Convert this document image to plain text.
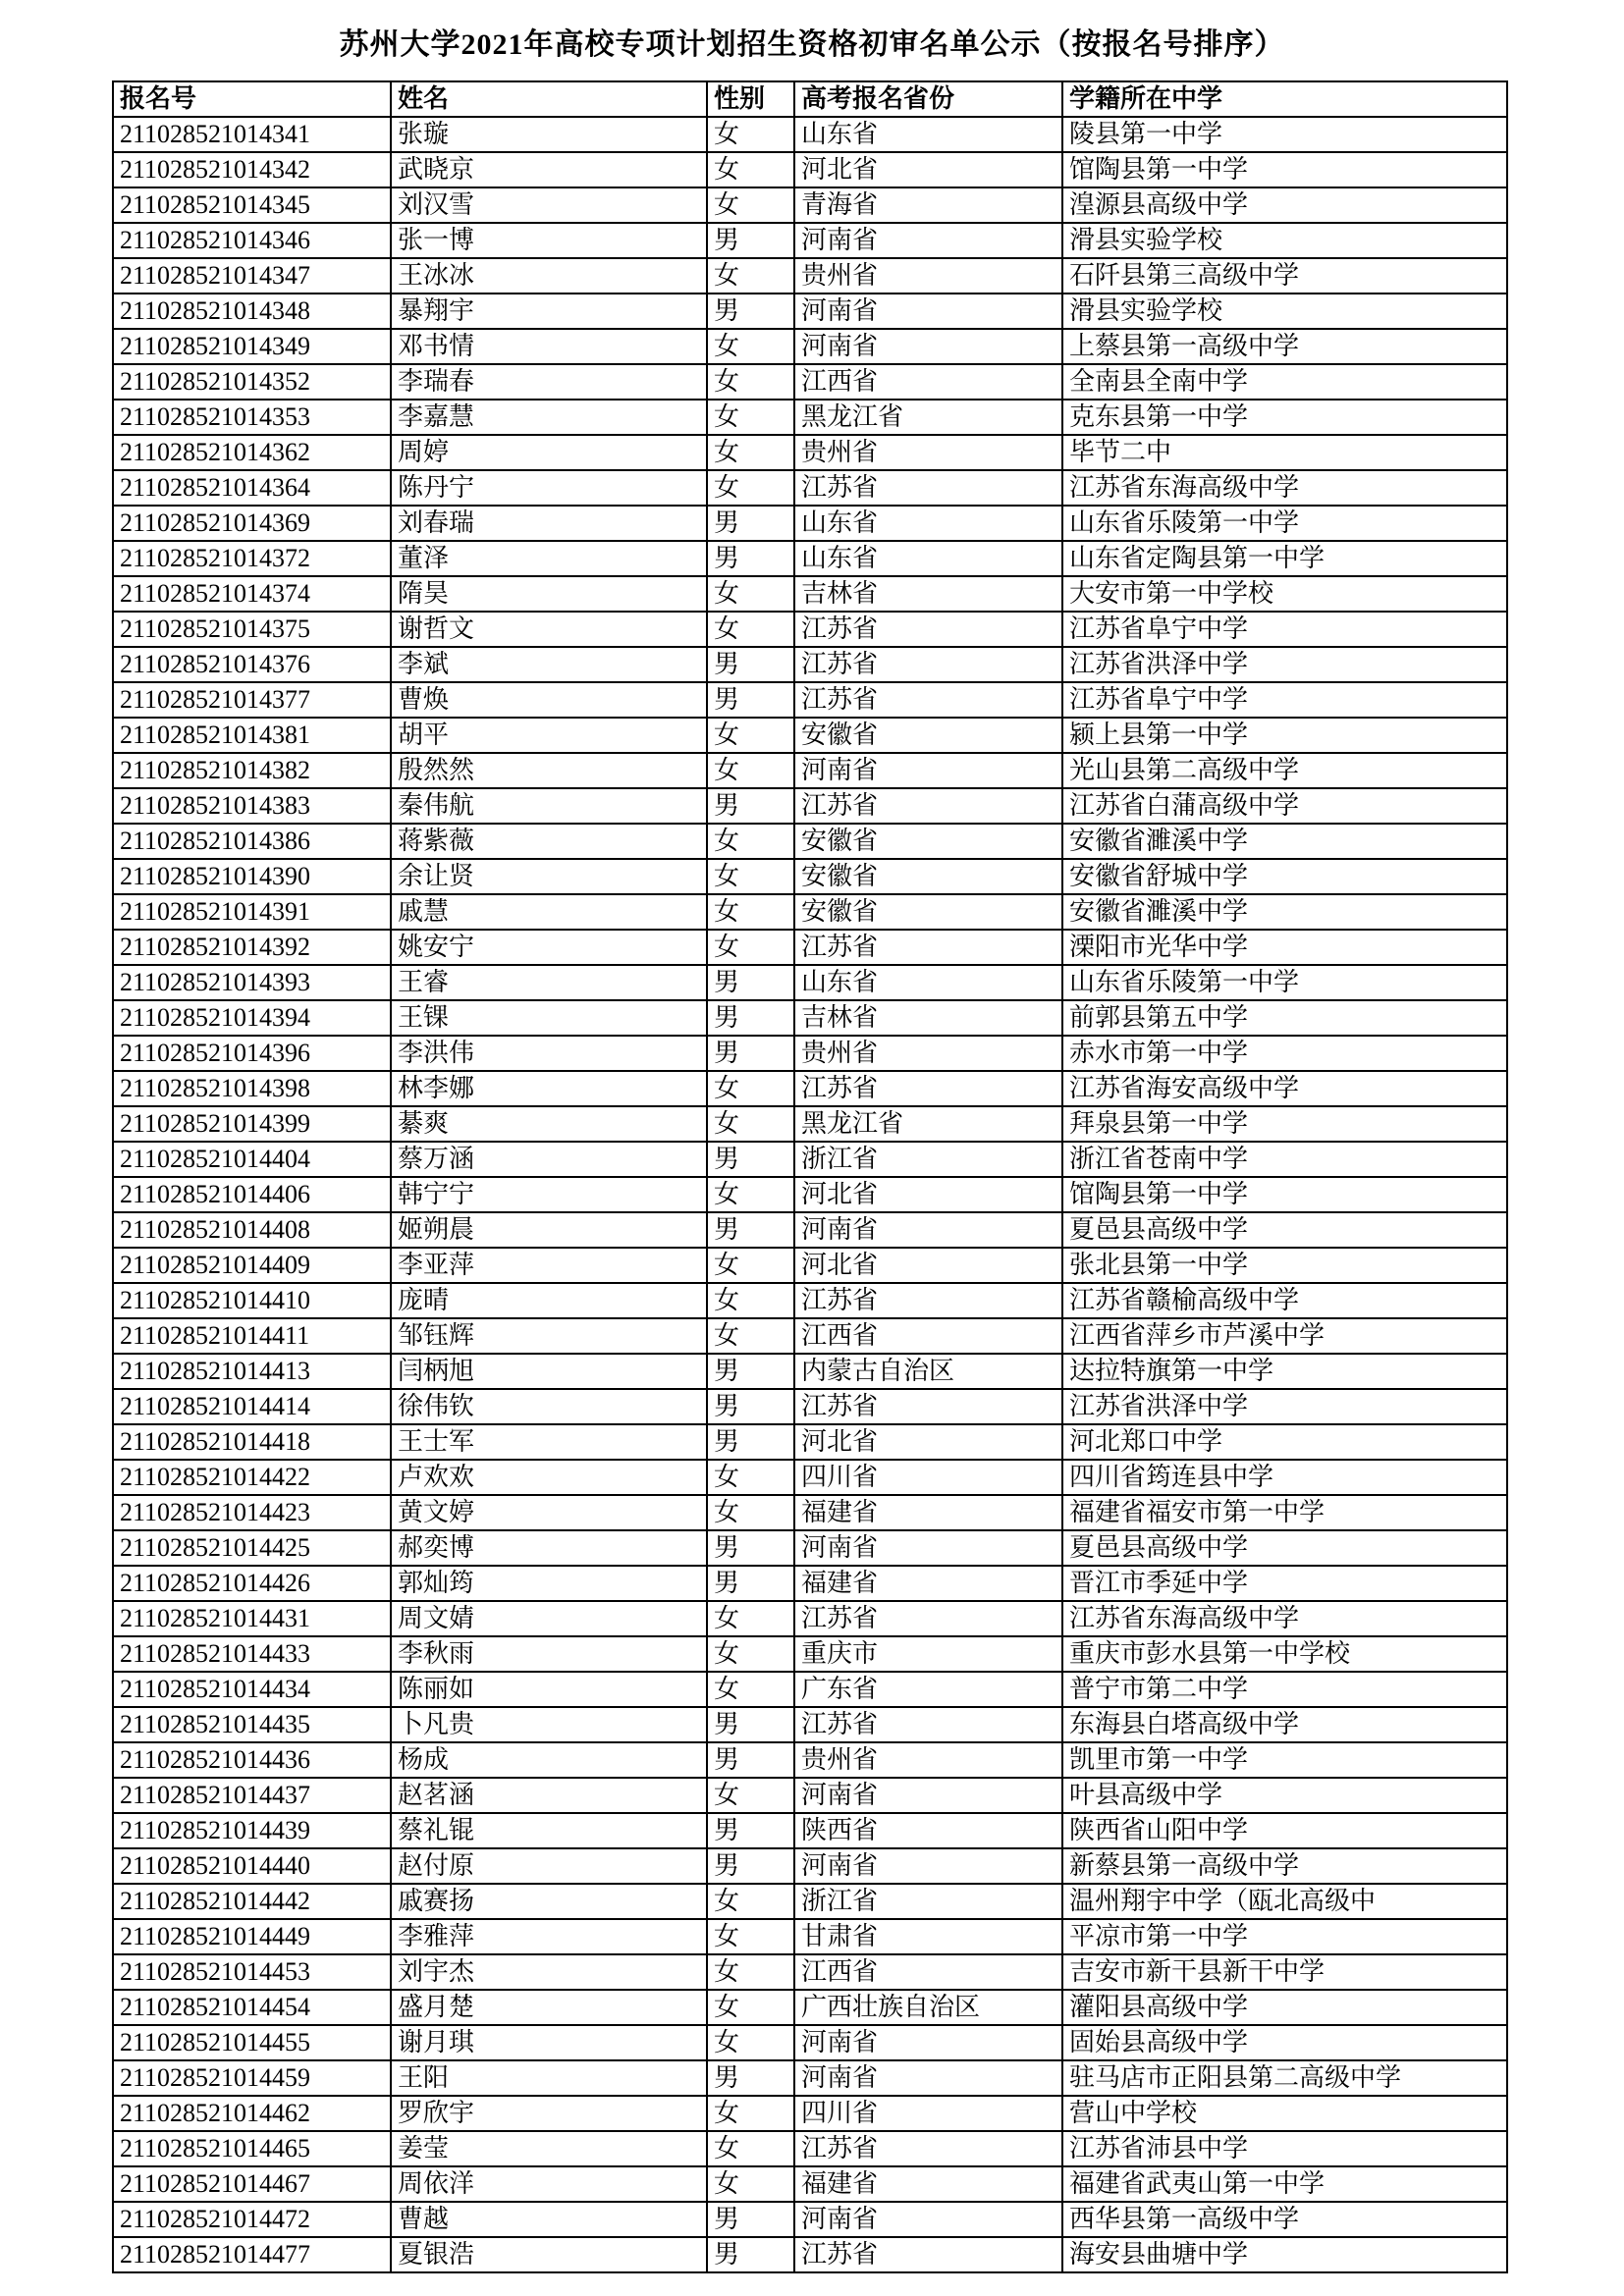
苏州大学2021年高校专项计划招生资格初审名单公示（按报名号排序）
报名号	姓名	性别	高考报名省份	学籍所在中学
211028521014341	张璇	女	山东省	陵县第一中学
211028521014342	武晓京	女	河北省	馆陶县第一中学
211028521014345	刘汉雪	女	青海省	湟源县高级中学
211028521014346	张一博	男	河南省	滑县实验学校
211028521014347	王冰冰	女	贵州省	石阡县第三高级中学
211028521014348	暴翔宇	男	河南省	滑县实验学校
211028521014349	邓书情	女	河南省	上蔡县第一高级中学
211028521014352	李瑞春	女	江西省	全南县全南中学
211028521014353	李嘉慧	女	黑龙江省	克东县第一中学
211028521014362	周婷	女	贵州省	毕节二中
211028521014364	陈丹宁	女	江苏省	江苏省东海高级中学
211028521014369	刘春瑞	男	山东省	山东省乐陵第一中学
211028521014372	董泽	男	山东省	山东省定陶县第一中学
211028521014374	隋昊	女	吉林省	大安市第一中学校
211028521014375	谢哲文	女	江苏省	江苏省阜宁中学
211028521014376	李斌	男	江苏省	江苏省洪泽中学
211028521014377	曹焕	男	江苏省	江苏省阜宁中学
211028521014381	胡平	女	安徽省	颍上县第一中学
211028521014382	殷然然	女	河南省	光山县第二高级中学
211028521014383	秦伟航	男	江苏省	江苏省白蒲高级中学
211028521014386	蒋紫薇	女	安徽省	安徽省濉溪中学
211028521014390	余让贤	女	安徽省	安徽省舒城中学
211028521014391	戚慧	女	安徽省	安徽省濉溪中学
211028521014392	姚安宁	女	江苏省	溧阳市光华中学
211028521014393	王睿	男	山东省	山东省乐陵第一中学
211028521014394	王锞	男	吉林省	前郭县第五中学
211028521014396	李洪伟	男	贵州省	赤水市第一中学
211028521014398	林李娜	女	江苏省	江苏省海安高级中学
211028521014399	綦爽	女	黑龙江省	拜泉县第一中学
211028521014404	蔡万涵	男	浙江省	浙江省苍南中学
211028521014406	韩宁宁	女	河北省	馆陶县第一中学
211028521014408	姬朔晨	男	河南省	夏邑县高级中学
211028521014409	李亚萍	女	河北省	张北县第一中学
211028521014410	庞晴	女	江苏省	江苏省赣榆高级中学
211028521014411	邹钰辉	女	江西省	江西省萍乡市芦溪中学
211028521014413	闫柄旭	男	内蒙古自治区	达拉特旗第一中学
211028521014414	徐伟钦	男	江苏省	江苏省洪泽中学
211028521014418	王士军	男	河北省	河北郑口中学
211028521014422	卢欢欢	女	四川省	四川省筠连县中学
211028521014423	黄文婷	女	福建省	福建省福安市第一中学
211028521014425	郝奕博	男	河南省	夏邑县高级中学
211028521014426	郭灿筠	男	福建省	晋江市季延中学
211028521014431	周文婧	女	江苏省	江苏省东海高级中学
211028521014433	李秋雨	女	重庆市	重庆市彭水县第一中学校
211028521014434	陈丽如	女	广东省	普宁市第二中学
211028521014435	卜凡贵	男	江苏省	东海县白塔高级中学
211028521014436	杨成	男	贵州省	凯里市第一中学
211028521014437	赵茗涵	女	河南省	叶县高级中学
211028521014439	蔡礼锟	男	陕西省	陕西省山阳中学
211028521014440	赵付原	男	河南省	新蔡县第一高级中学
211028521014442	戚赛扬	女	浙江省	温州翔宇中学（瓯北高级中
211028521014449	李雅萍	女	甘肃省	平凉市第一中学
211028521014453	刘宇杰	女	江西省	吉安市新干县新干中学
211028521014454	盛月楚	女	广西壮族自治区	灌阳县高级中学
211028521014455	谢月琪	女	河南省	固始县高级中学
211028521014459	王阳	男	河南省	驻马店市正阳县第二高级中学
211028521014462	罗欣宇	女	四川省	营山中学校
211028521014465	姜莹	女	江苏省	江苏省沛县中学
211028521014467	周依洋	女	福建省	福建省武夷山第一中学
211028521014472	曹越	男	河南省	西华县第一高级中学
211028521014477	夏银浩	男	江苏省	海安县曲塘中学
